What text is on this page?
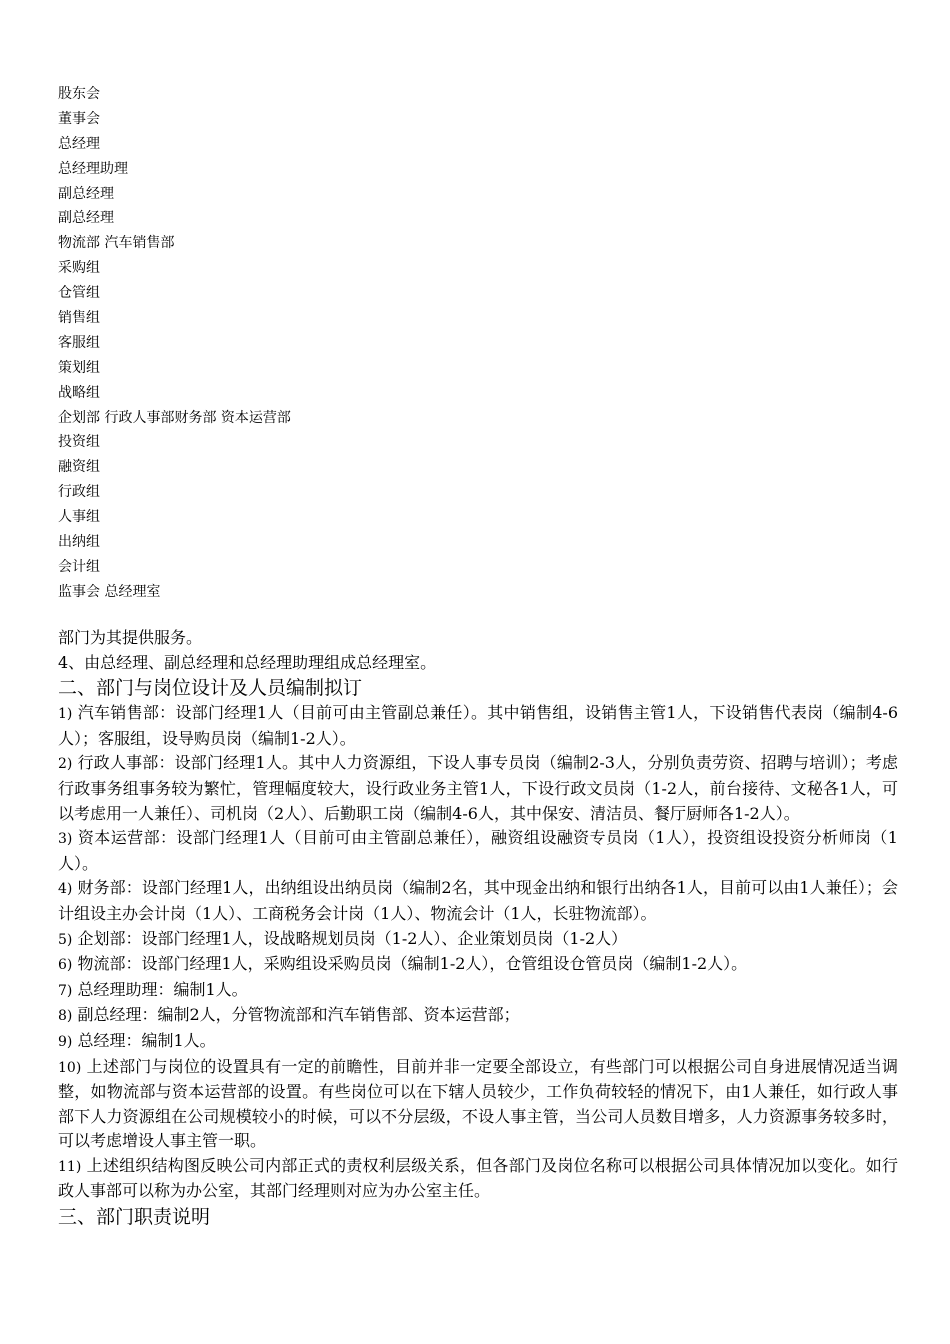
股东会
董事会
总经理
总经理助理
副总经理
副总经理
物流部 汽车销售部
采购组
仓管组
销售组
客服组
策划组
战略组
企划部 行政人事部财务部 资本运营部
投资组
融资组
行政组
人事组
出纳组
会计组
监事会 总经理室
部门为其提供服务。
4、由总经理、副总经理和总经理助理组成总经理室。
二、部门与岗位设计及人员编制拟订
1) 汽车销售部：设部门经理1人（目前可由主管副总兼任）。其中销售组，设销售主管1人，下设销售代表岗（编制4-6人）；客服组，设导购员岗（编制1-2人）。
2) 行政人事部：设部门经理1人。其中人力资源组，下设人事专员岗（编制2-3人，分别负责劳资、招聘与培训）；考虑行政事务组事务较为繁忙，管理幅度较大，设行政业务主管1人，下设行政文员岗（1-2人，前台接待、文秘各1人，可以考虑用一人兼任）、司机岗（2人）、后勤职工岗（编制4-6人，其中保安、清洁员、餐厅厨师各1-2人）。
3) 资本运营部：设部门经理1人（目前可由主管副总兼任），融资组设融资专员岗（1人），投资组设投资分析师岗（1人）。
4) 财务部：设部门经理1人，出纳组设出纳员岗（编制2名，其中现金出纳和银行出纳各1人，目前可以由1人兼任）；会计组设主办会计岗（1人）、工商税务会计岗（1人）、物流会计（1人，长驻物流部）。
5) 企划部：设部门经理1人，设战略规划员岗（1-2人）、企业策划员岗（1-2人）
6) 物流部：设部门经理1人，采购组设采购员岗（编制1-2人），仓管组设仓管员岗（编制1-2人）。
7) 总经理助理：编制1人。
8) 副总经理：编制2人，分管物流部和汽车销售部、资本运营部；
9) 总经理：编制1人。
10) 上述部门与岗位的设置具有一定的前瞻性，目前并非一定要全部设立，有些部门可以根据公司自身进展情况适当调整，如物流部与资本运营部的设置。有些岗位可以在下辖人员较少，工作负荷较轻的情况下，由1人兼任，如行政人事部下人力资源组在公司规模较小的时候，可以不分层级，不设人事主管，当公司人员数目增多，人力资源事务较多时，可以考虑增设人事主管一职。
11) 上述组织结构图反映公司内部正式的责权利层级关系，但各部门及岗位名称可以根据公司具体情况加以变化。如行政人事部可以称为办公室，其部门经理则对应为办公室主任。
三、部门职责说明
